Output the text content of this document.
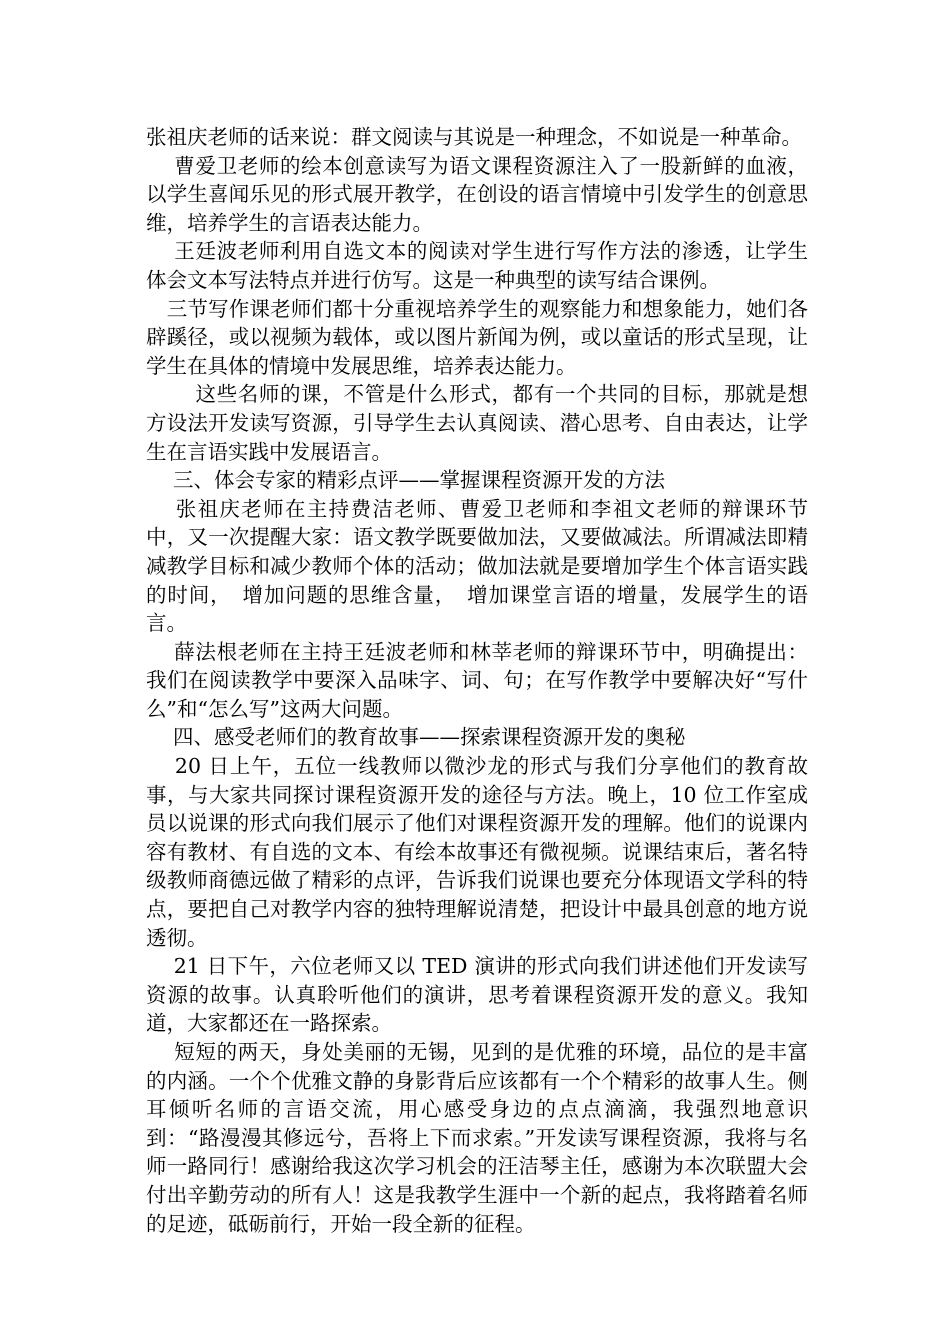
张祖庆老师的话来说：群文阅读与其说是一种理念，不如说是一种革命。

　 曹爱卫老师的绘本创意读写为语文课程资源注入了一股新鲜的血液，以学生喜闻乐见的形式展开教学，在创设的语言情境中引发学生的创意思维，培养学生的言语表达能力。

　 王廷波老师利用自选文本的阅读对学生进行写作方法的渗透，让学生体会文本写法特点并进行仿写。这是一种典型的读写结合课例。

　三节写作课老师们都十分重视培养学生的观察能力和想象能力，她们各辟蹊径，或以视频为载体，或以图片新闻为例，或以童话的形式呈现，让学生在具体的情境中发展思维，培养表达能力。

　　 这些名师的课，不管是什么形式，都有一个共同的目标，那就是想方设法开发读写资源，引导学生去认真阅读、潜心思考、自由表达，让学生在言语实践中发展语言。

　 三、体会专家的精彩点评——掌握课程资源开发的方法

　 张祖庆老师在主持费洁老师、曹爱卫老师和李祖文老师的辩课环节中，又一次提醒大家：语文教学既要做加法，又要做减法。所谓减法即精减教学目标和减少教师个体的活动；做加法就是要增加学生个体言语实践的时间，　增加问题的思维含量，　增加课堂言语的增量，发展学生的语言。

　 薛法根老师在主持王廷波老师和林莘老师的辩课环节中，明确提出：我们在阅读教学中要深入品味字、词、句；在写作教学中要解决好“写什么”和“怎么写”这两大问题。

　 四、感受老师们的教育故事——探索课程资源开发的奥秘

　 20 日上午，五位一线教师以微沙龙的形式与我们分享他们的教育故事，与大家共同探讨课程资源开发的途径与方法。晚上，10 位工作室成员以说课的形式向我们展示了他们对课程资源开发的理解。他们的说课内容有教材、有自选的文本、有绘本故事还有微视频。说课结束后，著名特级教师商德远做了精彩的点评，告诉我们说课也要充分体现语文学科的特点，要把自己对教学内容的独特理解说清楚，把设计中最具创意的地方说透彻。

　 21 日下午，六位老师又以 TED 演讲的形式向我们讲述他们开发读写资源的故事。认真聆听他们的演讲，思考着课程资源开发的意义。我知道，大家都还在一路探索。

　 短短的两天，身处美丽的无锡，见到的是优雅的环境，品位的是丰富的内涵。一个个优雅文静的身影背后应该都有一个个精彩的故事人生。侧耳倾听名师的言语交流，用心感受身边的点点滴滴，我强烈地意识到：“路漫漫其修远兮，吾将上下而求索。”开发读写课程资源，我将与名师一路同行！感谢给我这次学习机会的汪洁琴主任，感谢为本次联盟大会付出辛勤劳动的所有人！这是我教学生涯中一个新的起点，我将踏着名师的足迹，砥砺前行，开始一段全新的征程。
